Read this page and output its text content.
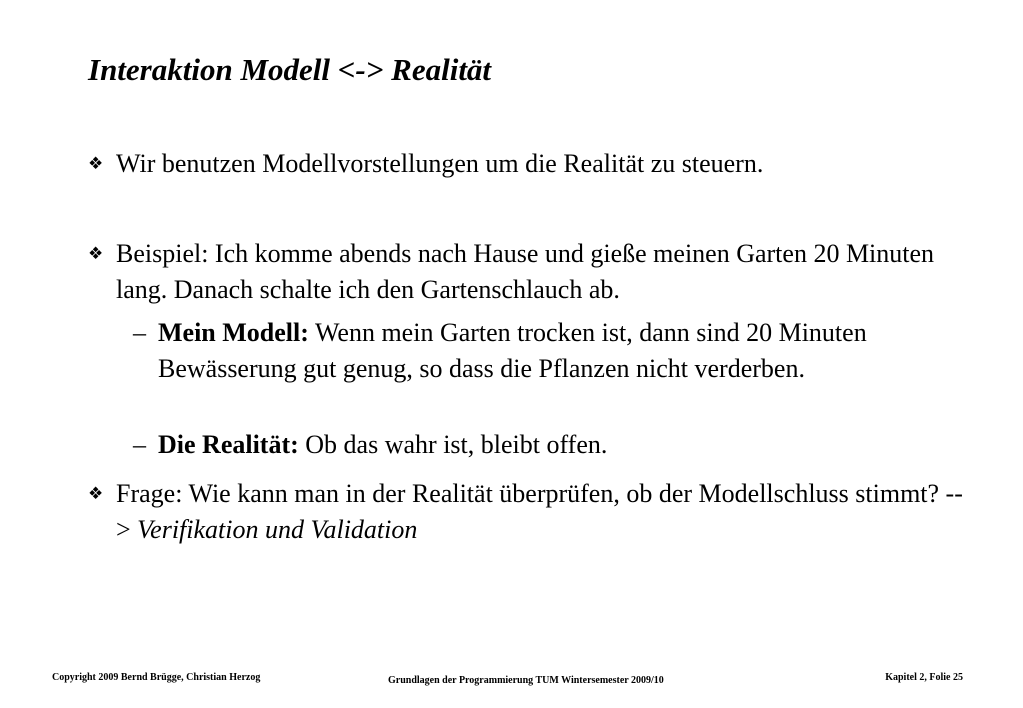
Interaktion Modell <-> Realität
❖ Wir benutzen Modellvorstellungen um die Realität zu steuern.
❖ Beispiel: Ich komme abends nach Hause und gieße meinen Garten 20 Minuten lang. Danach schalte ich den Gartenschlauch ab.
– Mein Modell: Wenn mein Garten trocken ist, dann sind 20 Minuten Bewässerung gut genug, so dass die Pflanzen nicht verderben.
– Die Realität: Ob das wahr ist, bleibt offen.
❖ Frage: Wie kann man in der Realität überprüfen, ob der Modellschluss stimmt? --> Verifikation und Validation
Copyright 2009 Bernd Brügge, Christian Herzog	Grundlagen der Programmierung TUM Wintersemester 2009/10	Kapitel 2, Folie 25
